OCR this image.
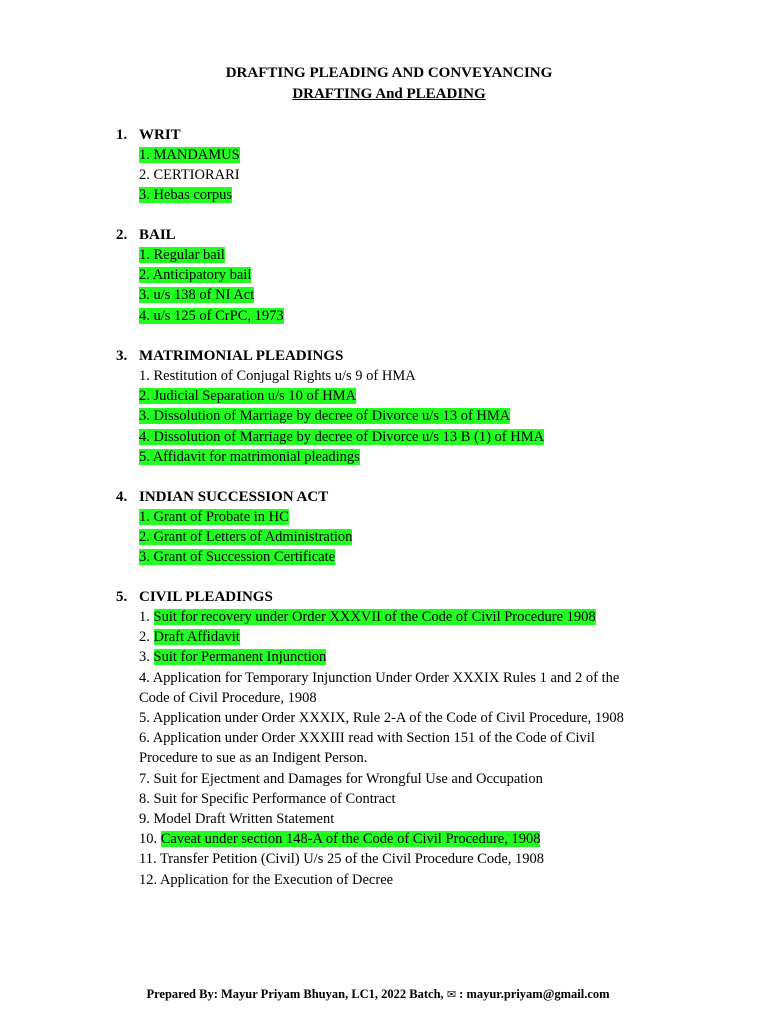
DRAFTING PLEADING AND CONVEYANCING
DRAFTING And PLEADING
1. WRIT
1. MANDAMUS
2. CERTIORARI
3. Hebas corpus
2. BAIL
1. Regular bail
2. Anticipatory bail
3. u/s 138 of NI Act
4. u/s 125 of CrPC, 1973
3. MATRIMONIAL PLEADINGS
1. Restitution of Conjugal Rights u/s 9 of HMA
2. Judicial Separation u/s 10 of HMA
3. Dissolution of Marriage by decree of Divorce u/s 13 of HMA
4. Dissolution of Marriage by decree of Divorce u/s 13 B (1) of HMA
5. Affidavit for matrimonial pleadings
4. INDIAN SUCCESSION ACT
1. Grant of Probate in HC
2. Grant of Letters of Administration
3. Grant of Succession Certificate
5. CIVIL PLEADINGS
1. Suit for recovery under Order XXXVII of the Code of Civil Procedure 1908
2. Draft Affidavit
3. Suit for Permanent Injunction
4. Application for Temporary Injunction Under Order XXXIX Rules 1 and 2 of the
Code of Civil Procedure, 1908
5. Application under Order XXXIX, Rule 2-A of the Code of Civil Procedure, 1908
6. Application under Order XXXIII read with Section 151 of the Code of Civil
Procedure to sue as an Indigent Person.
7. Suit for Ejectment and Damages for Wrongful Use and Occupation
8. Suit for Specific Performance of Contract
9. Model Draft Written Statement
10. Caveat under section 148-A of the Code of Civil Procedure, 1908
11. Transfer Petition (Civil) U/s 25 of the Civil Procedure Code, 1908
12. Application for the Execution of Decree
Prepared By: Mayur Priyam Bhuyan, LC1, 2022 Batch, ✉ : mayur.priyam@gmail.com
